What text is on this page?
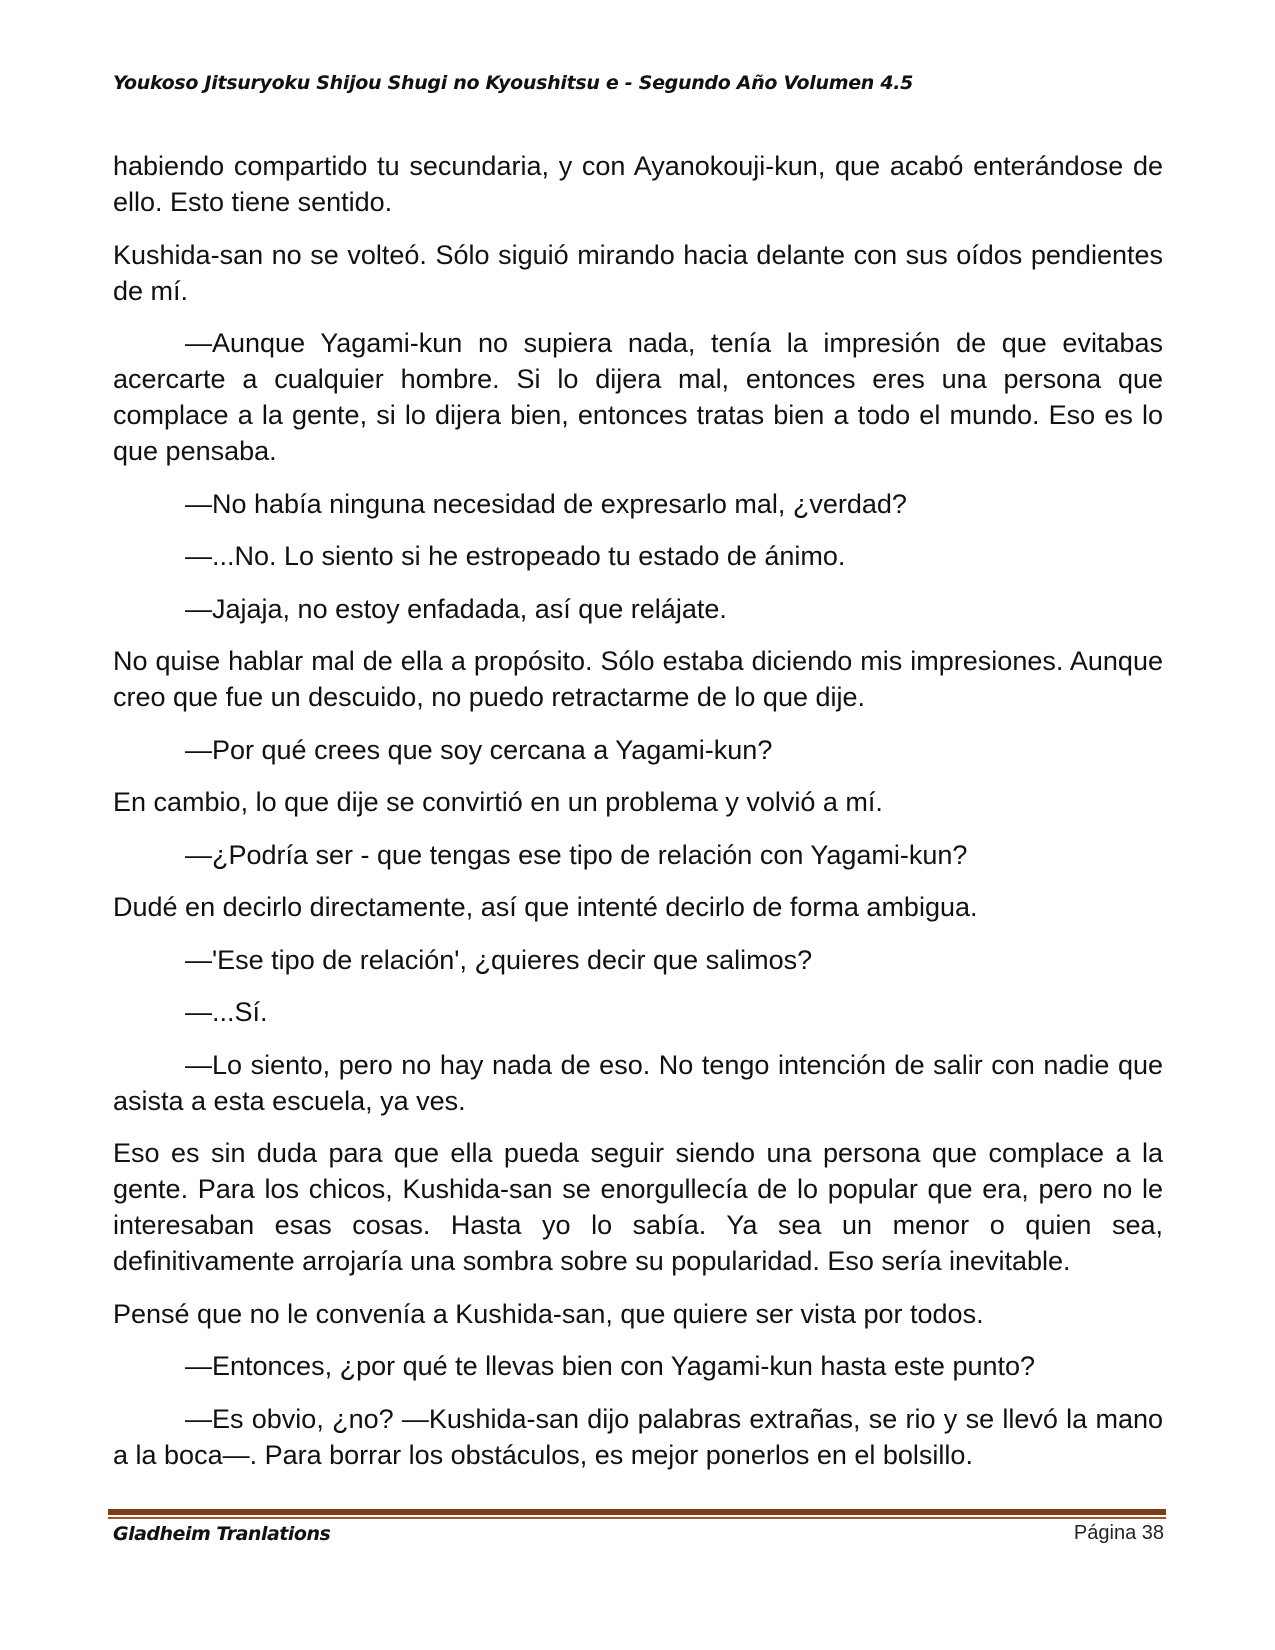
Youkoso Jitsuryoku Shijou Shugi no Kyoushitsu e - Segundo Año Volumen 4.5

habiendo compartido tu secundaria, y con Ayanokouji-kun, que acabó enterándose de ello. Esto tiene sentido.

Kushida-san no se volteó. Sólo siguió mirando hacia delante con sus oídos pendientes de mí.

—Aunque Yagami-kun no supiera nada, tenía la impresión de que evitabas acercarte a cualquier hombre. Si lo dijera mal, entonces eres una persona que complace a la gente, si lo dijera bien, entonces tratas bien a todo el mundo. Eso es lo que pensaba.

—No había ninguna necesidad de expresarlo mal, ¿verdad?

—...No. Lo siento si he estropeado tu estado de ánimo.

—Jajaja, no estoy enfadada, así que relájate.

No quise hablar mal de ella a propósito. Sólo estaba diciendo mis impresiones. Aunque creo que fue un descuido, no puedo retractarme de lo que dije.

—Por qué crees que soy cercana a Yagami-kun?

En cambio, lo que dije se convirtió en un problema y volvió a mí.

—¿Podría ser - que tengas ese tipo de relación con Yagami-kun?

Dudé en decirlo directamente, así que intenté decirlo de forma ambigua.

—'Ese tipo de relación', ¿quieres decir que salimos?

—...Sí.

—Lo siento, pero no hay nada de eso. No tengo intención de salir con nadie que asista a esta escuela, ya ves.

Eso es sin duda para que ella pueda seguir siendo una persona que complace a la gente. Para los chicos, Kushida-san se enorgullecía de lo popular que era, pero no le interesaban esas cosas. Hasta yo lo sabía. Ya sea un menor o quien sea, definitivamente arrojaría una sombra sobre su popularidad. Eso sería inevitable.

Pensé que no le convenía a Kushida-san, que quiere ser vista por todos.

—Entonces, ¿por qué te llevas bien con Yagami-kun hasta este punto?

—Es obvio, ¿no? —Kushida-san dijo palabras extrañas, se rio y se llevó la mano a la boca—. Para borrar los obstáculos, es mejor ponerlos en el bolsillo.

Gladheim Tranlations	Página 38
